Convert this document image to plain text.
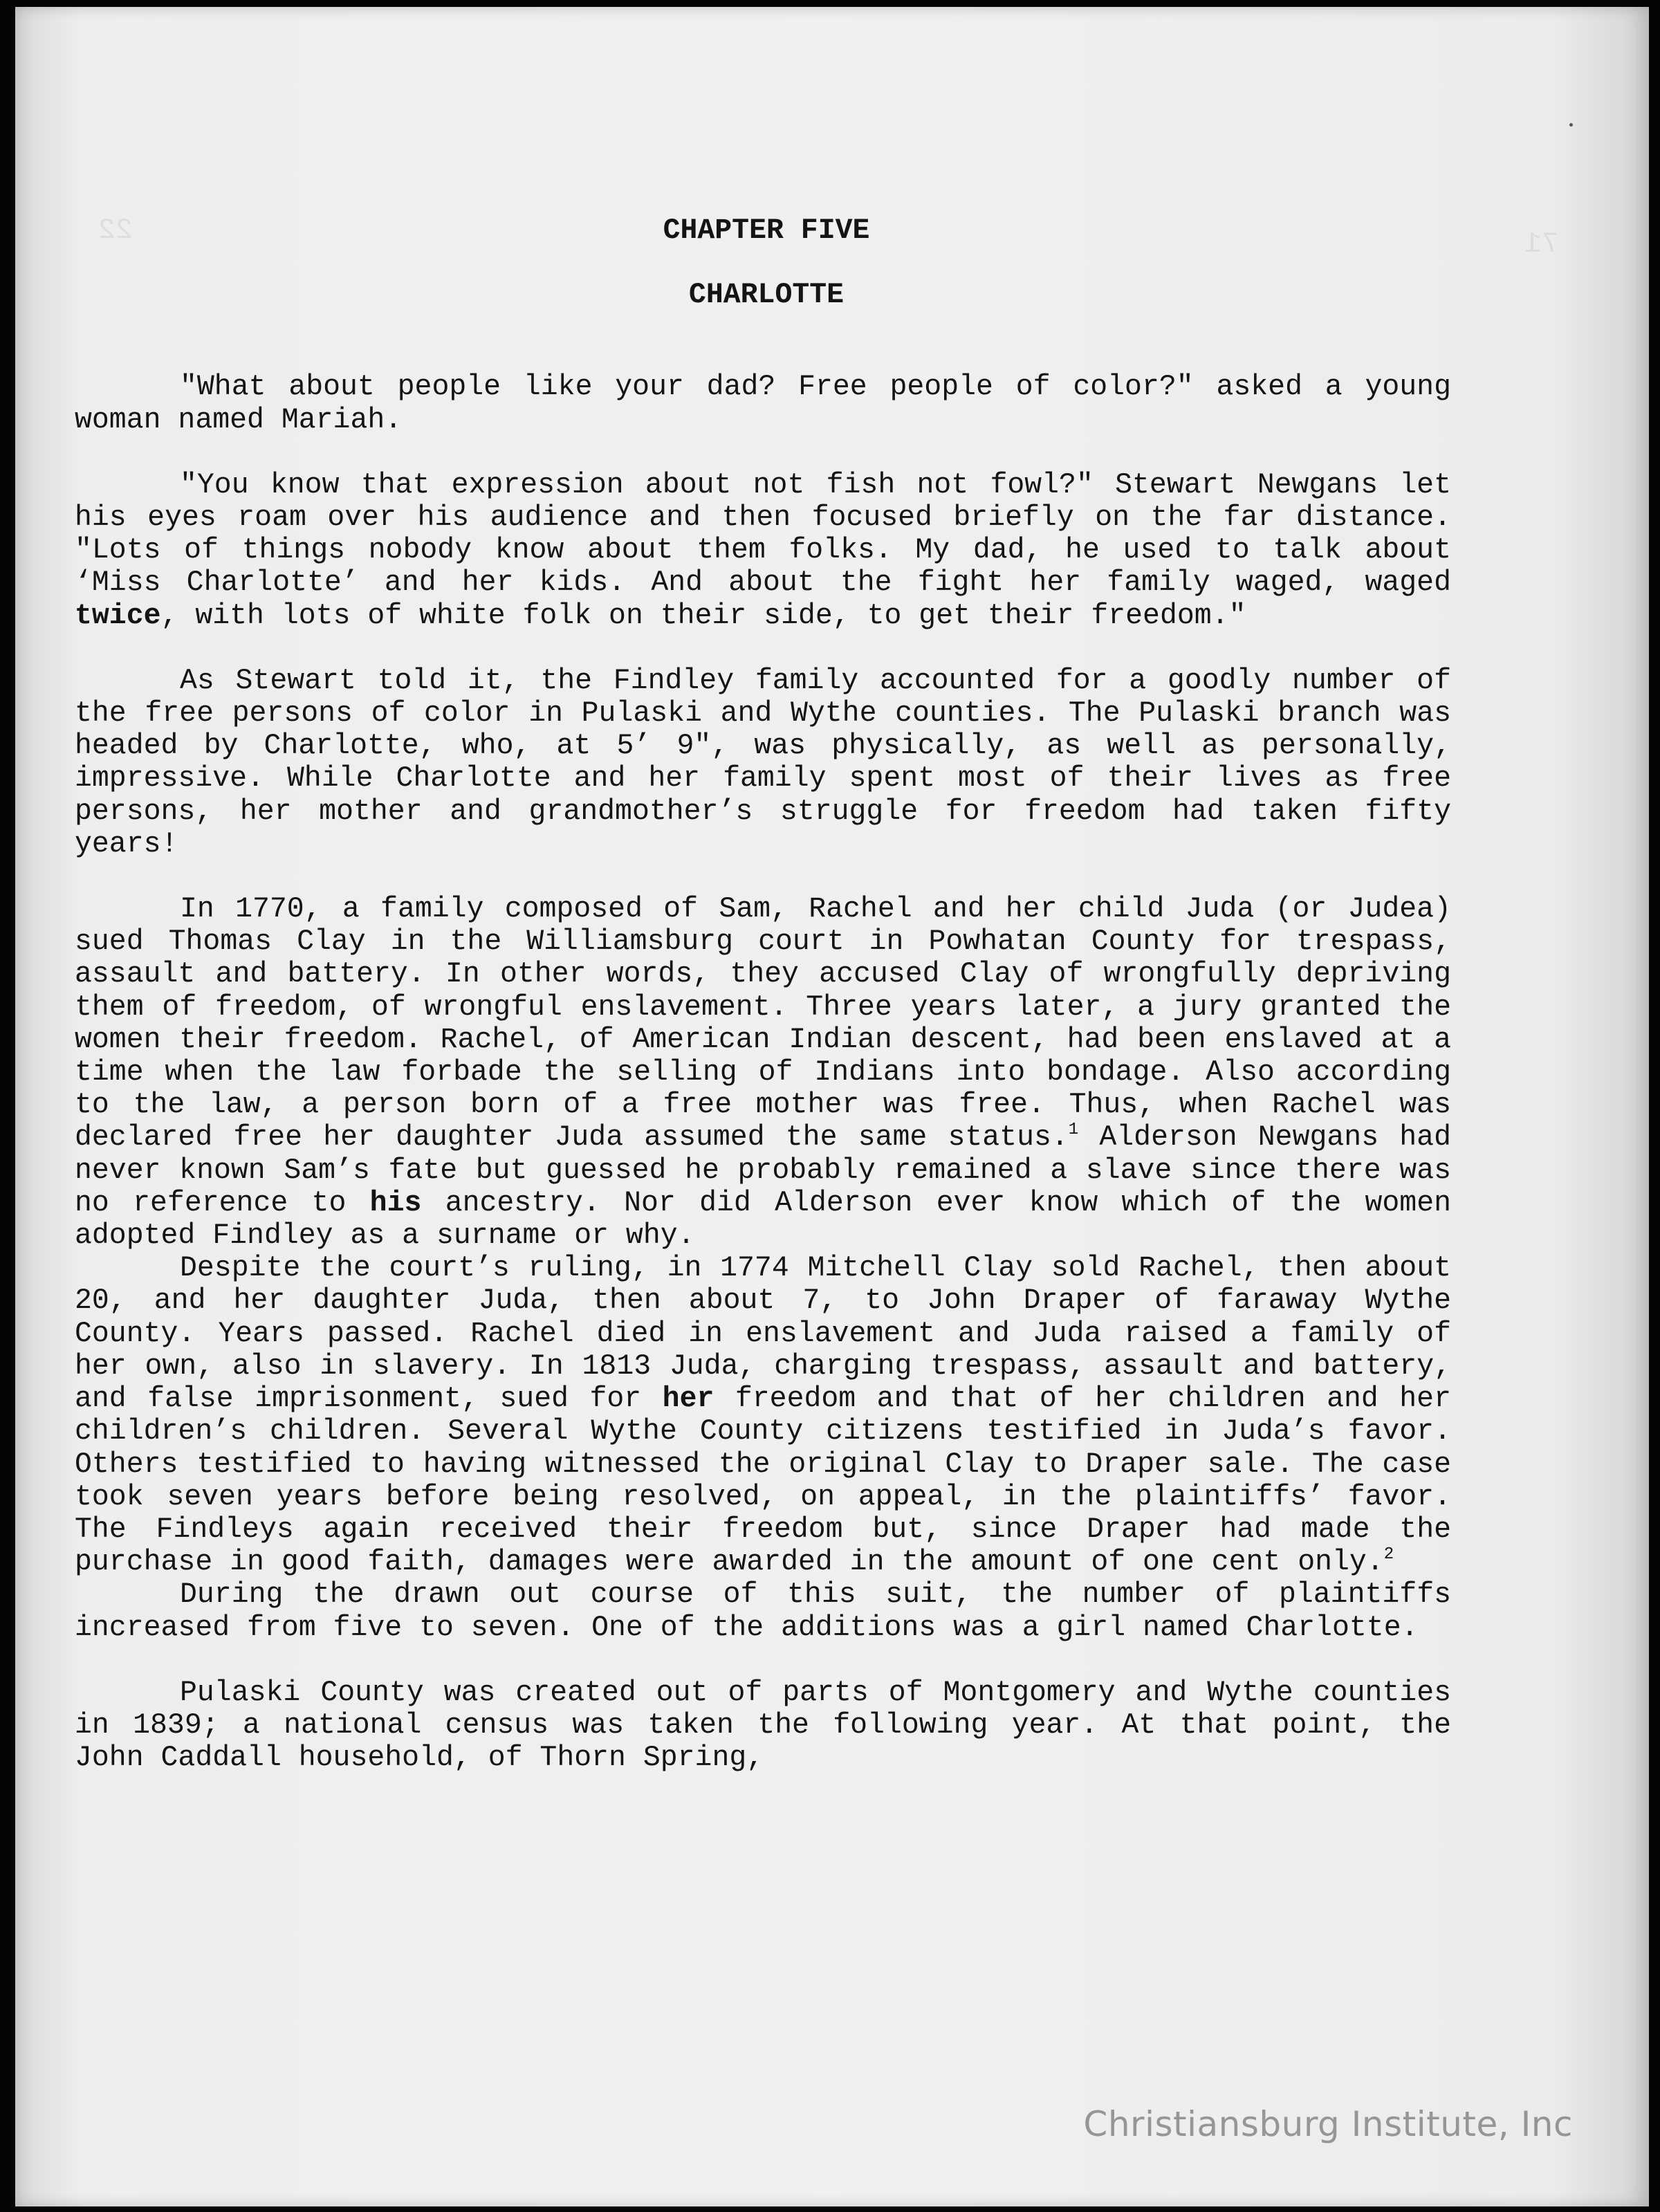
71
22	CHAPTER FIVE
CHARLOTTE

"What about people like your dad? Free people of color?" asked a young woman named Mariah.

"You know that expression about not fish not fowl?" Stewart Newgans let his eyes roam over his audience and then focused briefly on the far distance. "Lots of things nobody know about them folks. My dad, he used to talk about ‘Miss Charlotte’ and her kids. And about the fight her family waged, waged twice, with lots of white folk on their side, to get their freedom."

As Stewart told it, the Findley family accounted for a goodly number of the free persons of color in Pulaski and Wythe counties. The Pulaski branch was headed by Charlotte, who, at 5’ 9", was physically, as well as personally, impressive. While Charlotte and her family spent most of their lives as free persons, her mother and grandmother’s struggle for freedom had taken fifty years!

In 1770, a family composed of Sam, Rachel and her child Juda (or Judea) sued Thomas Clay in the Williamsburg court in Powhatan County for trespass, assault and battery. In other words, they accused Clay of wrongfully depriving them of freedom, of wrongful enslavement. Three years later, a jury granted the women their freedom. Rachel, of American Indian descent, had been enslaved at a time when the law forbade the selling of Indians into bondage. Also according to the law, a person born of a free mother was free. Thus, when Rachel was declared free her daughter Juda assumed the same status.$^1$ Alderson Newgans had never known Sam’s fate but guessed he probably remained a slave since there was no reference to his ancestry. Nor did Alderson ever know which of the women adopted Findley as a surname or why.

Despite the court’s ruling, in 1774 Mitchell Clay sold Rachel, then about 20, and her daughter Juda, then about 7, to John Draper of faraway Wythe County. Years passed. Rachel died in enslavement and Juda raised a family of her own, also in slavery. In 1813 Juda, charging trespass, assault and battery, and false imprisonment, sued for her freedom and that of her children and her children’s children. Several Wythe County citizens testified in Juda’s favor. Others testified to having witnessed the original Clay to Draper sale. The case took seven years before being resolved, on appeal, in the plaintiffs’ favor. The Findleys again received their freedom but, since Draper had made the purchase in good faith, damages were awarded in the amount of one cent only.$^2$

During the drawn out course of this suit, the number of plaintiffs increased from five to seven. One of the additions was a girl named Charlotte.

Pulaski County was created out of parts of Montgomery and Wythe counties in 1839; a national census was taken the following year. At that point, the John Caddall household, of Thorn Spring,

Christiansburg Institute, Inc
